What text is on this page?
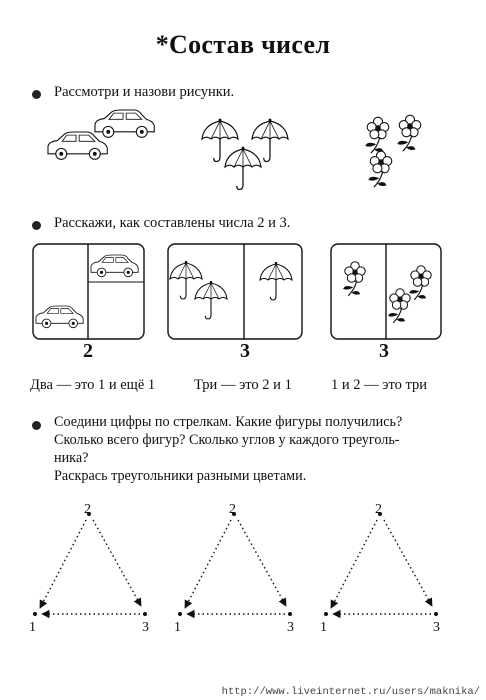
*Состав чисел
Рассмотри и назови рисунки.
Расскажи, как составлены числа 2 и 3.
Соедини цифры по стрелкам. Какие фигуры получились?
Сколько всего фигур? Сколько углов у каждого треуголь-
ника?
Раскрась треугольники разными цветами.
2
1	3
2
1	3
2
1	3
2	3	3
Два — это 1 и ещё 1	Три — это 2 и 1	1 и 2 — это три
http://www.liveinternet.ru/users/maknika/
